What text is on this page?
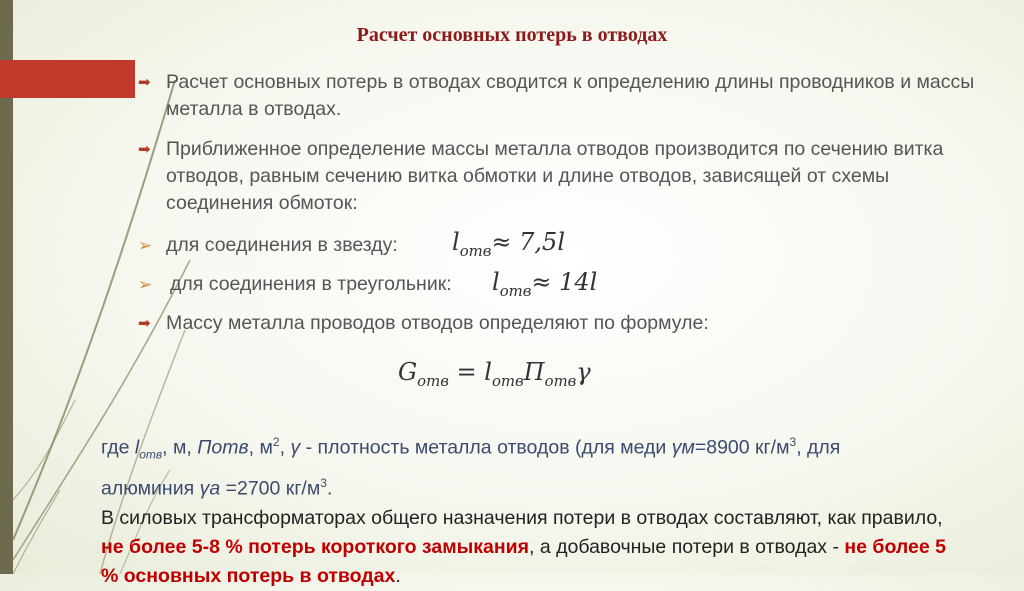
Расчет основных потерь в отводах
➡ Расчет основных потерь в отводах сводится к определению длины проводников и массы металла в отводах.
➡ Приближенное определение массы металла отводов производится по сечению витка отводов, равным сечению витка обмотки и длине отводов, зависящей от схемы соединения обмоток:
➢ для соединения в звезду: $l_{отв}\approx 7,5l$
➢ для соединения в треугольник: $l_{отв}\approx 14l$
➡ Массу металла проводов отводов определяют по формуле:
$G_{отв} = l_{отв}П_{отв}\gamma$
где $l_{отв}$, м, Потв, $м^2$, γ - плотность металла отводов (для меди γм=8900 $кг/м^3$, для
алюминия γа =2700 $кг/м^3$.
В силовых трансформаторах общего назначения потери в отводах составляют, как правило, не более 5-8 % потерь короткого замыкания, а добавочные потери в отводах - не более 5 % основных потерь в отводах.
